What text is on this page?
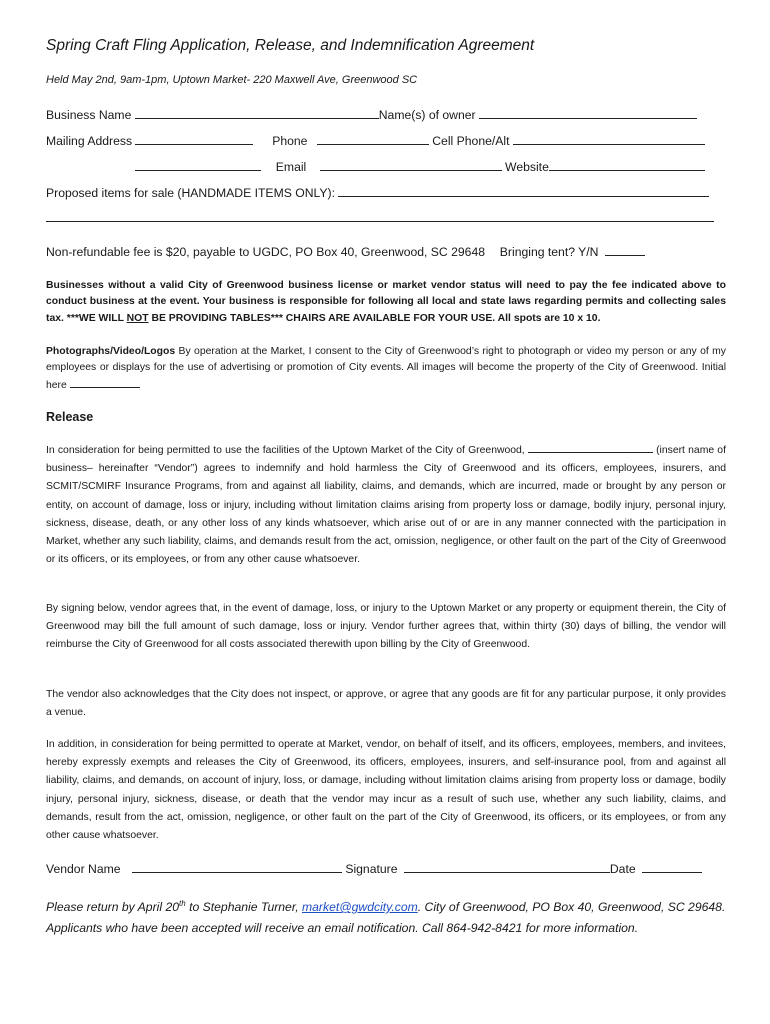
Spring Craft Fling Application, Release, and Indemnification Agreement
Held May 2nd, 9am-1pm, Uptown Market- 220 Maxwell Ave, Greenwood SC
Business Name	Name(s) of owner
Mailing Address	Phone	Cell Phone/Alt
Email	Website
Proposed items for sale (HANDMADE ITEMS ONLY):
Non-refundable fee is $20, payable to UGDC, PO Box 40, Greenwood, SC 29648 Bringing tent? Y/N
Businesses without a valid City of Greenwood business license or market vendor status will need to pay the fee indicated above to conduct business at the event. Your business is responsible for following all local and state laws regarding permits and collecting sales tax. ***WE WILL NOT BE PROVIDING TABLES*** CHAIRS ARE AVAILABLE FOR YOUR USE. All spots are 10 x 10.
Photographs/Video/Logos By operation at the Market, I consent to the City of Greenwood’s right to photograph or video my person or any of my employees or displays for the use of advertising or promotion of City events. All images will become the property of the City of Greenwood. Initial here
Release
In consideration for being permitted to use the facilities of the Uptown Market of the City of Greenwood,	(insert name of business– hereinafter “Vendor”) agrees to indemnify and hold harmless the City of Greenwood and its officers, employees, insurers, and SCMIT/SCMIRF Insurance Programs, from and against all liability, claims, and demands, which are incurred, made or brought by any person or entity, on account of damage, loss or injury, including without limitation claims arising from property loss or damage, bodily injury, personal injury, sickness, disease, death, or any other loss of any kinds whatsoever, which arise out of or are in any manner connected with the participation in Market, whether any such liability, claims, and demands result from the act, omission, negligence, or other fault on the part of the City of Greenwood or its officers, or its employees, or from any other cause whatsoever.
By signing below, vendor agrees that, in the event of damage, loss, or injury to the Uptown Market or any property or equipment therein, the City of Greenwood may bill the full amount of such damage, loss or injury. Vendor further agrees that, within thirty (30) days of billing, the vendor will reimburse the City of Greenwood for all costs associated therewith upon billing by the City of Greenwood.
The vendor also acknowledges that the City does not inspect, or approve, or agree that any goods are fit for any particular purpose, it only provides a venue.
In addition, in consideration for being permitted to operate at Market, vendor, on behalf of itself, and its officers, employees, members, and invitees, hereby expressly exempts and releases the City of Greenwood, its officers, employees, insurers, and self-insurance pool, from and against all liability, claims, and demands, on account of injury, loss, or damage, including without limitation claims arising from property loss or damage, bodily injury, personal injury, sickness, disease, or death that the vendor may incur as a result of such use, whether any such liability, claims, and demands, result from the act, omission, negligence, or other fault on the part of the City of Greenwood, its officers, or its employees, or from any other cause whatsoever.
Vendor Name	Signature	Date
Please return by April 20th to Stephanie Turner, market@gwdcity.com. City of Greenwood, PO Box 40, Greenwood, SC 29648. Applicants who have been accepted will receive an email notification. Call 864-942-8421 for more information.
